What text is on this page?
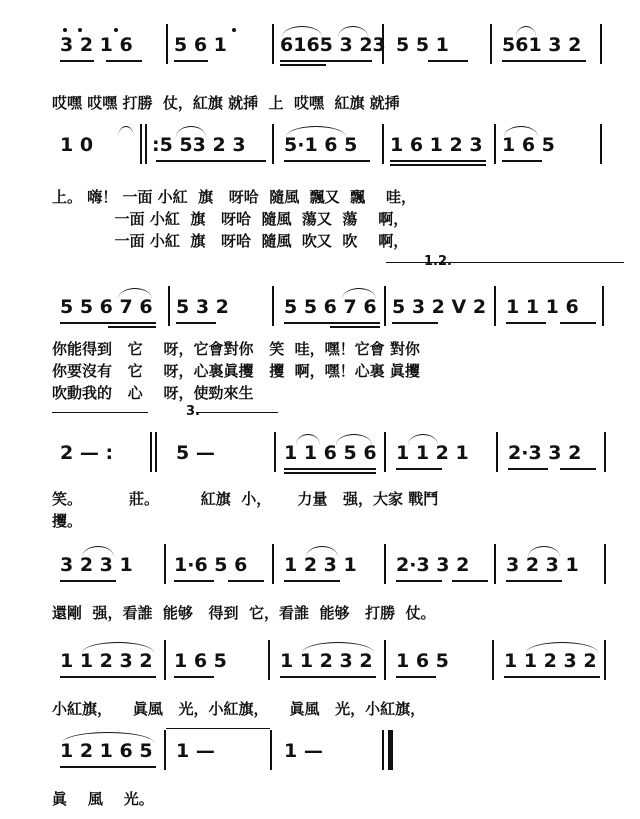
3 2 1 6 5 6 1	6165 3 23 5 5 1	561 3 2
哎嘿 哎嘿 打勝  仗，紅旗 就揷  上  哎嘿  紅旗 就揷
1 0	:5 53 2 3 5·1 6 5 1 6 1 2 3 1 6 5
上。 嗨！ 一面 小紅  旗   呀哈  隨風  飄又  飄    哇，
一面 小紅  旗   呀哈  隨風  蕩又  蕩    啊，
一面 小紅  旗   呀哈  隨風  吹又  吹    啊，
1.2.
5 5 6 7 6 5 3 2	5 5 6 7 6 5 3 2 V 2 1 1 1 6
你能得到   它    呀，它會對你   笑  哇，嘿！它會 對你
你要沒有   它    呀，心裏眞攫   攫  啊，嘿！心裏 眞攫
吹動我的   心    呀，使勁來生
3.
2 — :	5 —	1 1 6 5 6 1 1 2 1 2·3 3 2
笑。         莊。        紅旗  小，     力量   强，大家 戰鬥
攫。
3 2 3 1 1·6 5 6 1 2 3 1 2·3 3 2 3 2 3 1
還剛  强，看誰  能够   得到  它，看誰  能够   打勝  仗。
1 1 2 3 2 1 6 5	1 1 2 3 2 1 6 5	1 1 2 3 2
小紅旗，    眞風   光，小紅旗，    眞風   光，小紅旗，
1 2 1 6 5 1 —	1 —
眞    風    光。
